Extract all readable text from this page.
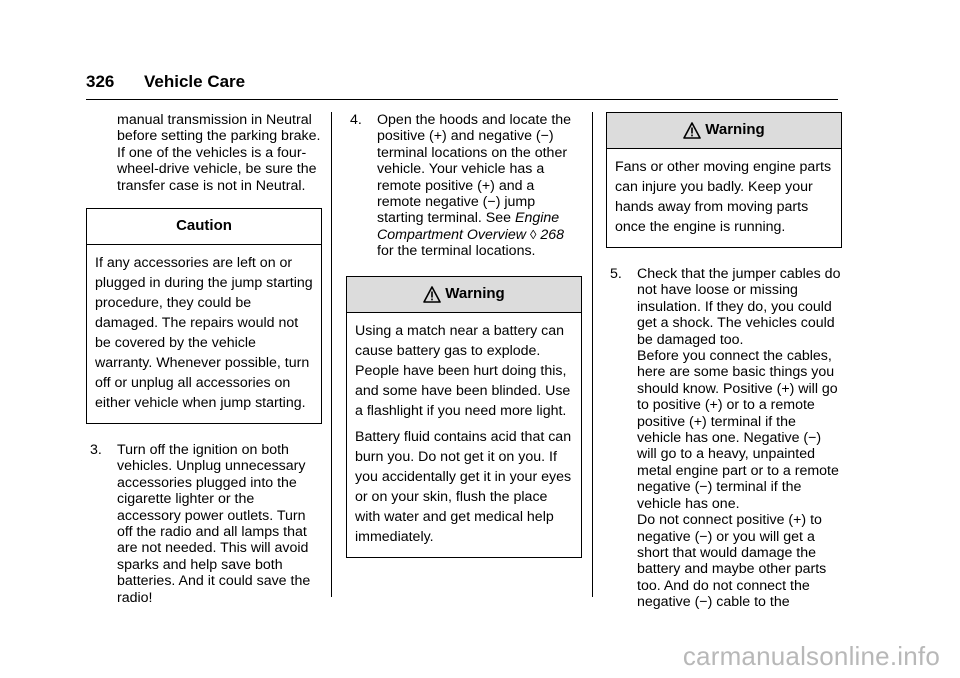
326 Vehicle Care

manual transmission in Neutral before setting the parking brake. If one of the vehicles is a four-wheel-drive vehicle, be sure the transfer case is not in Neutral.

Caution

If any accessories are left on or plugged in during the jump starting procedure, they could be damaged. The repairs would not be covered by the vehicle warranty. Whenever possible, turn off or unplug all accessories on either vehicle when jump starting.

3. Turn off the ignition on both vehicles. Unplug unnecessary accessories plugged into the cigarette lighter or the accessory power outlets. Turn off the radio and all lamps that are not needed. This will avoid sparks and help save both batteries. And it could save the radio!

4. Open the hoods and locate the positive (+) and negative (−) terminal locations on the other vehicle. Your vehicle has a remote positive (+) and a remote negative (−) jump starting terminal. See Engine Compartment Overview ◊ 268 for the terminal locations.

Warning

Using a match near a battery can cause battery gas to explode. People have been hurt doing this, and some have been blinded. Use a flashlight if you need more light.

Battery fluid contains acid that can burn you. Do not get it on you. If you accidentally get it in your eyes or on your skin, flush the place with water and get medical help immediately.

Warning

Fans or other moving engine parts can injure you badly. Keep your hands away from moving parts once the engine is running.

5. Check that the jumper cables do not have loose or missing insulation. If they do, you could get a shock. The vehicles could be damaged too.

Before you connect the cables, here are some basic things you should know. Positive (+) will go to positive (+) or to a remote positive (+) terminal if the vehicle has one. Negative (−) will go to a heavy, unpainted metal engine part or to a remote negative (−) terminal if the vehicle has one.

Do not connect positive (+) to negative (−) or you will get a short that would damage the battery and maybe other parts too. And do not connect the negative (−) cable to the

carmanualsonline.info
